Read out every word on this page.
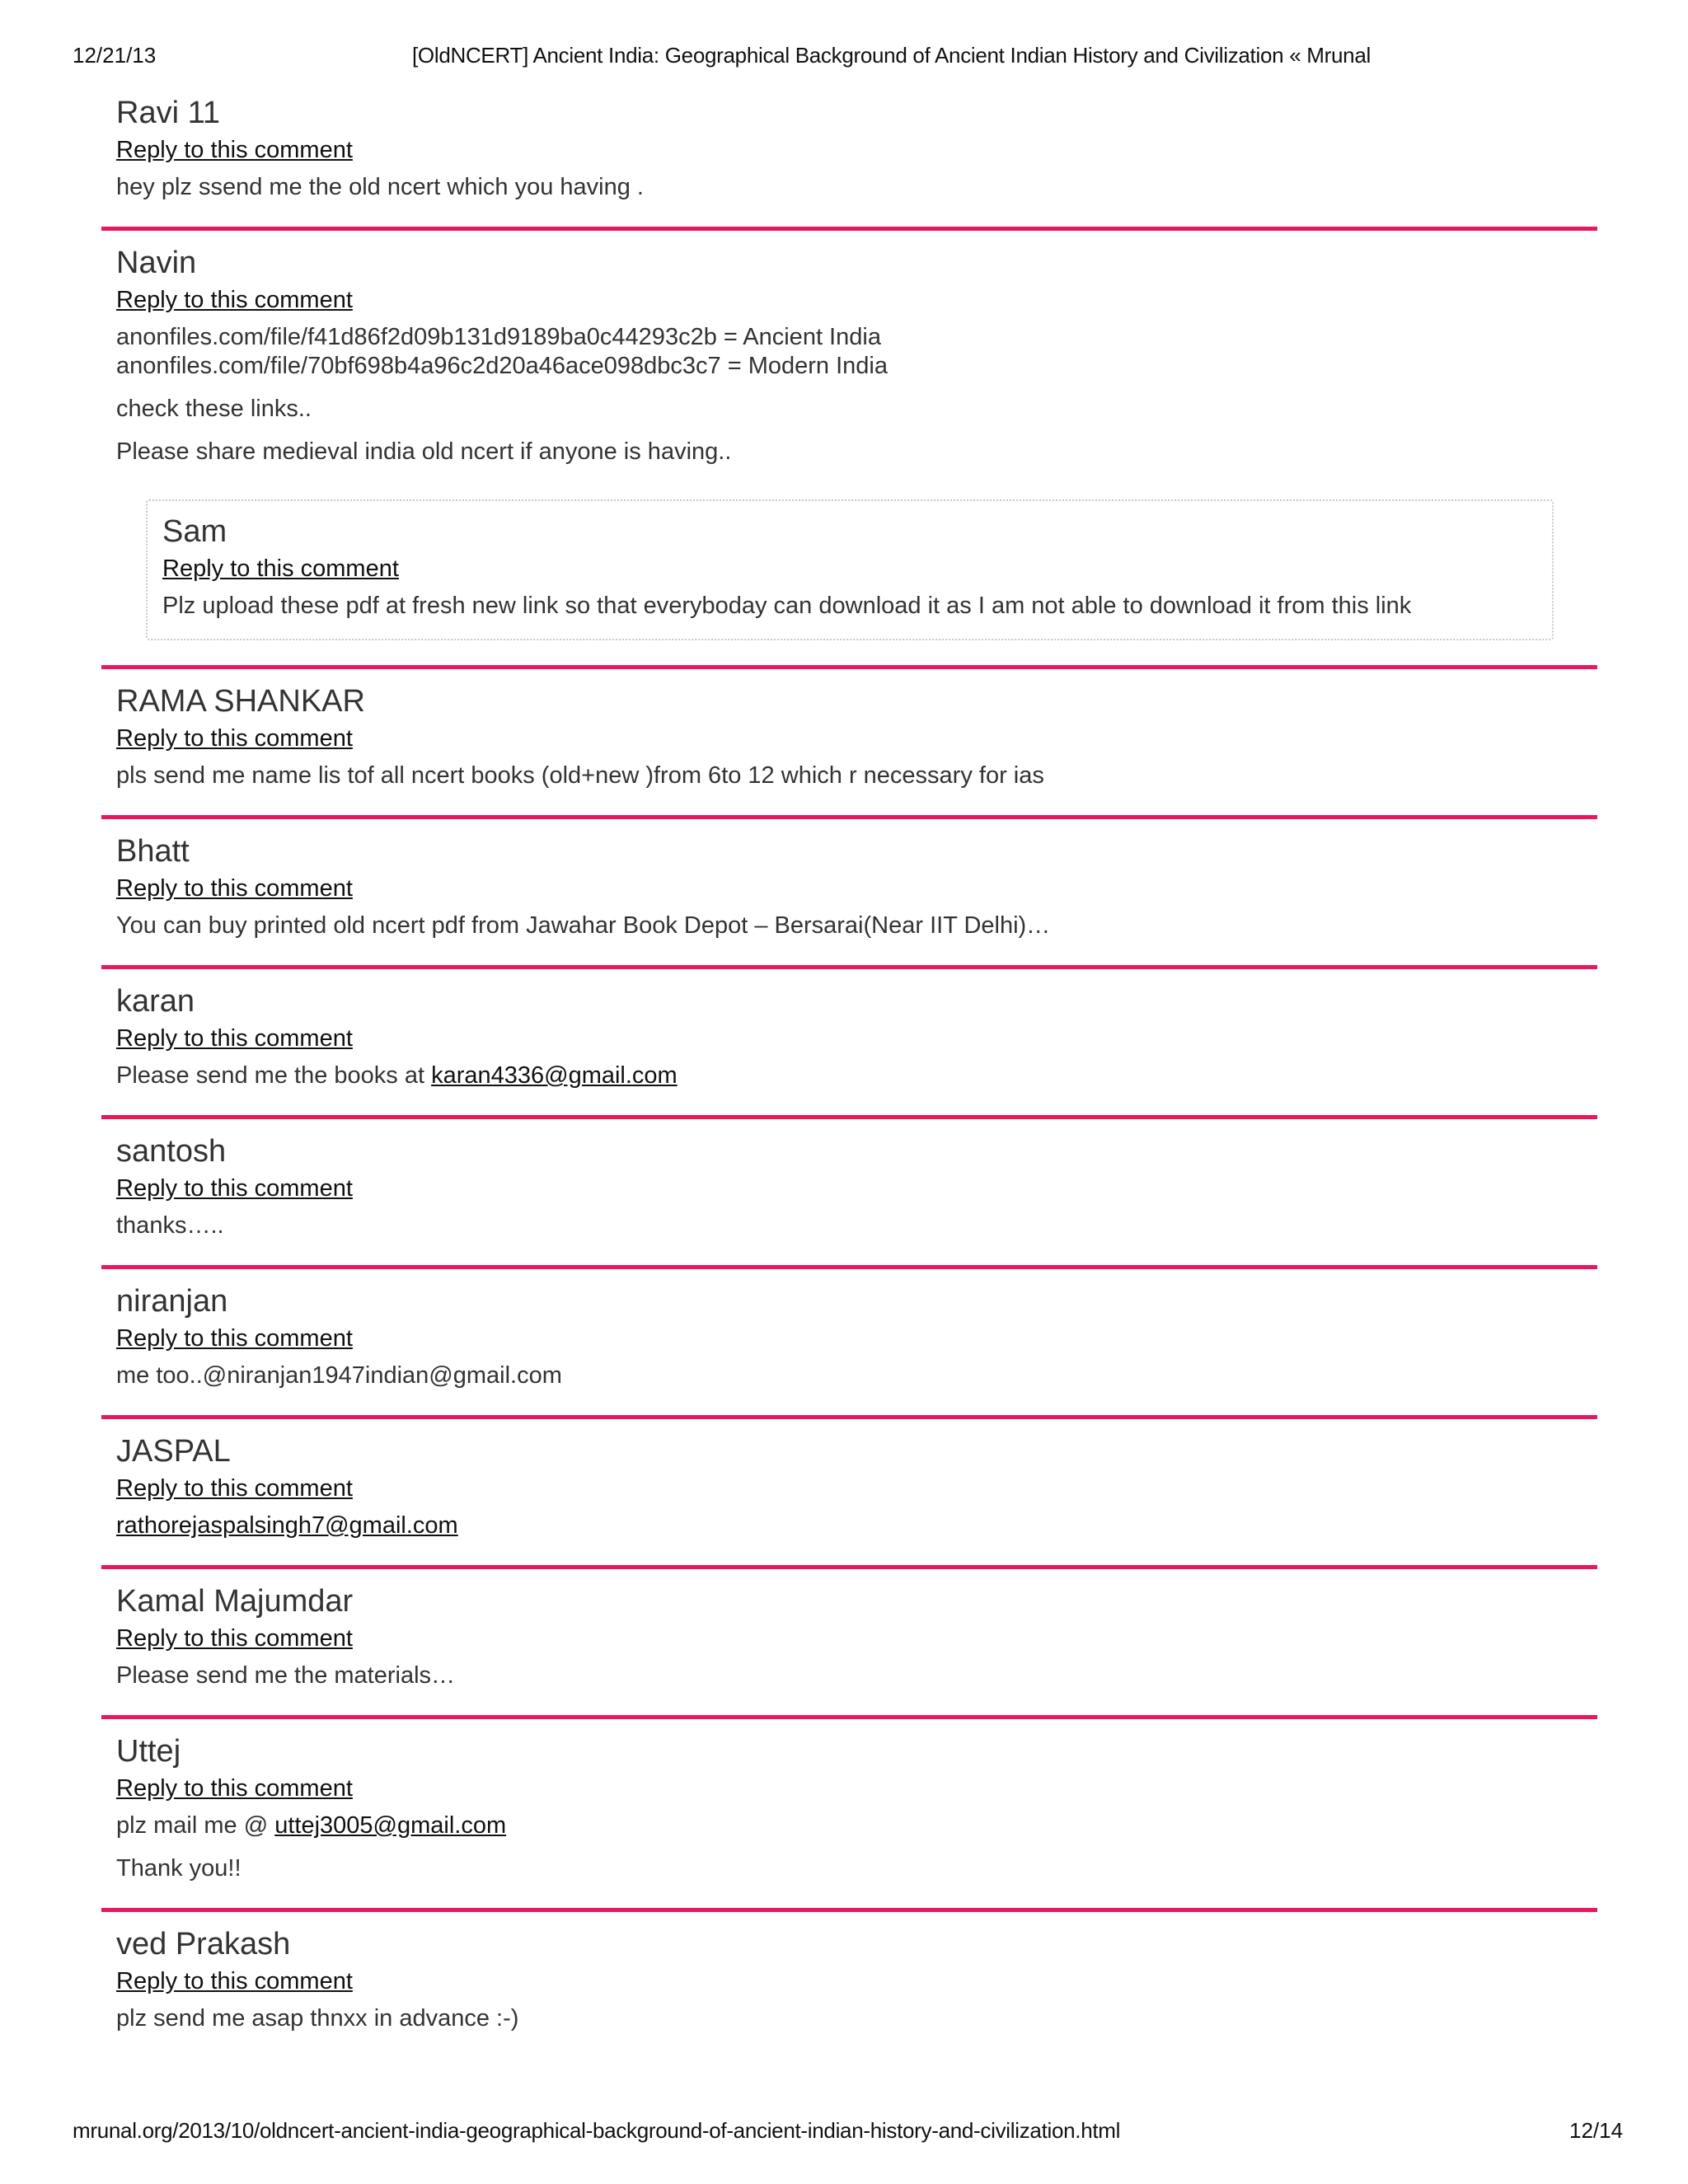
12/21/13	[OldNCERT] Ancient India: Geographical Background of Ancient Indian History and Civilization « Mrunal
Ravi 11
Reply to this comment

hey plz ssend me the old ncert which you having .

Navin
Reply to this comment

anonfiles.com/file/f41d86f2d09b131d9189ba0c44293c2b = Ancient India
anonfiles.com/file/70bf698b4a96c2d20a46ace098dbc3c7 = Modern India

check these links..

Please share medieval india old ncert if anyone is having..

Sam
Reply to this comment

Plz upload these pdf at fresh new link so that everyboday can download it as I am not able to download it from this link

RAMA SHANKAR
Reply to this comment

pls send me name lis tof all ncert books (old+new )from 6to 12 which r necessary for ias

Bhatt
Reply to this comment

You can buy printed old ncert pdf from Jawahar Book Depot – Bersarai(Near IIT Delhi)…

karan
Reply to this comment

Please send me the books at karan4336@gmail.com

santosh
Reply to this comment

thanks…..

niranjan
Reply to this comment

me too..@niranjan1947indian@gmail.com

JASPAL
Reply to this comment

rathorejaspalsingh7@gmail.com

Kamal Majumdar
Reply to this comment

Please send me the materials…

Uttej
Reply to this comment

plz mail me @ uttej3005@gmail.com

Thank you!!

ved Prakash
Reply to this comment

plz send me asap thnxx in advance :-)

mrunal.org/2013/10/oldncert-ancient-india-geographical-background-of-ancient-indian-history-and-civilization.html	12/14
